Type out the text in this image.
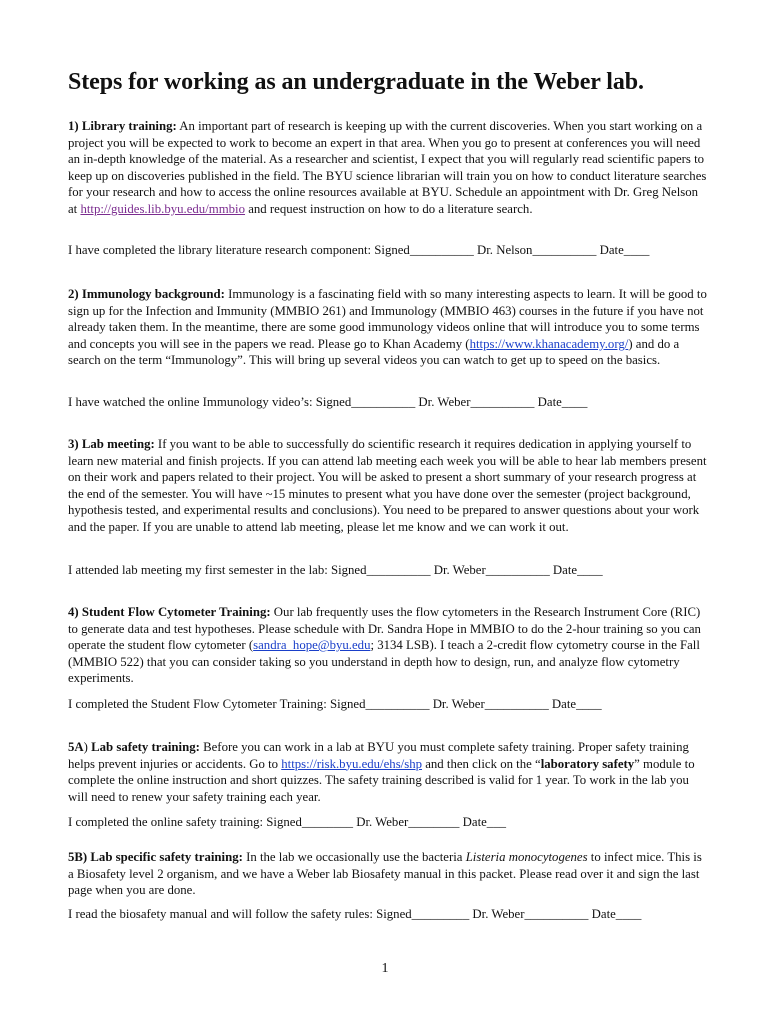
Steps for working as an undergraduate in the Weber lab.

1) Library training: An important part of research is keeping up with the current discoveries. When you start working on a project you will be expected to work to become an expert in that area. When you go to present at conferences you will need an in-depth knowledge of the material. As a researcher and scientist, I expect that you will regularly read scientific papers to keep up on discoveries published in the field. The BYU science librarian will train you on how to conduct literature searches for your research and how to access the online resources available at BYU. Schedule an appointment with Dr. Greg Nelson at http://guides.lib.byu.edu/mmbio and request instruction on how to do a literature search.

I have completed the library literature research component: Signed__________ Dr. Nelson__________ Date____

2) Immunology background: Immunology is a fascinating field with so many interesting aspects to learn. It will be good to sign up for the Infection and Immunity (MMBIO 261) and Immunology (MMBIO 463) courses in the future if you have not already taken them. In the meantime, there are some good immunology videos online that will introduce you to some terms and concepts you will see in the papers we read. Please go to Khan Academy (https://www.khanacademy.org/) and do a search on the term “Immunology”. This will bring up several videos you can watch to get up to speed on the basics.

I have watched the online Immunology video’s: Signed__________ Dr. Weber__________ Date____

3) Lab meeting: If you want to be able to successfully do scientific research it requires dedication in applying yourself to learn new material and finish projects. If you can attend lab meeting each week you will be able to hear lab members present on their work and papers related to their project. You will be asked to present a short summary of your research progress at the end of the semester. You will have ~15 minutes to present what you have done over the semester (project background, hypothesis tested, and experimental results and conclusions). You need to be prepared to answer questions about your work and the paper. If you are unable to attend lab meeting, please let me know and we can work it out.

I attended lab meeting my first semester in the lab: Signed__________ Dr. Weber__________ Date____

4) Student Flow Cytometer Training: Our lab frequently uses the flow cytometers in the Research Instrument Core (RIC) to generate data and test hypotheses. Please schedule with Dr. Sandra Hope in MMBIO to do the 2-hour training so you can operate the student flow cytometer (sandra_hope@byu.edu; 3134 LSB). I teach a 2-credit flow cytometry course in the Fall (MMBIO 522) that you can consider taking so you understand in depth how to design, run, and analyze flow cytometry experiments.

I completed the Student Flow Cytometer Training: Signed__________ Dr. Weber__________ Date____

5A) Lab safety training: Before you can work in a lab at BYU you must complete safety training. Proper safety training helps prevent injuries or accidents. Go to https://risk.byu.edu/ehs/shp and then click on the “laboratory safety” module to complete the online instruction and short quizzes. The safety training described is valid for 1 year. To work in the lab you will need to renew your safety training each year.

I completed the online safety training: Signed________ Dr. Weber________ Date___

5B) Lab specific safety training: In the lab we occasionally use the bacteria Listeria monocytogenes to infect mice. This is a Biosafety level 2 organism, and we have a Weber lab Biosafety manual in this packet. Please read over it and sign the last page when you are done.

I read the biosafety manual and will follow the safety rules: Signed_________ Dr. Weber__________ Date____
1
